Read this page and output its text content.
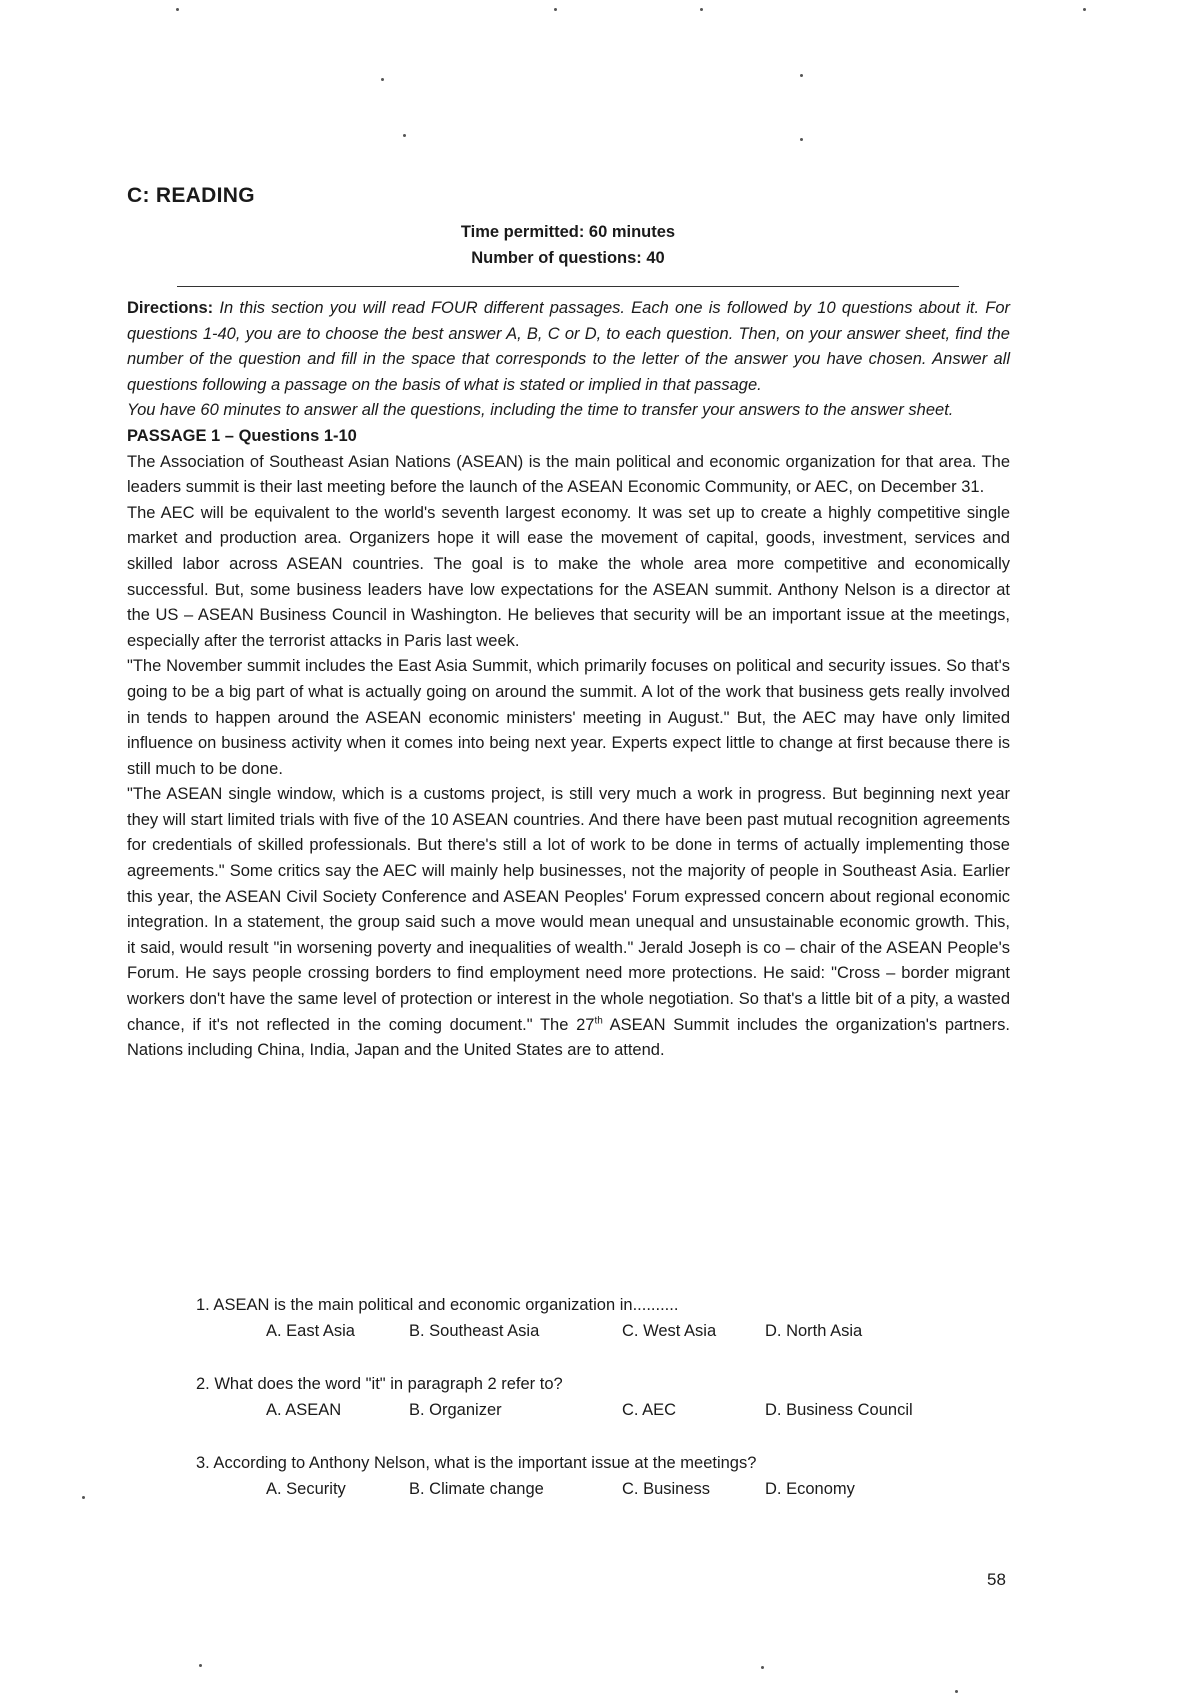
C: READING
Time permitted: 60 minutes
Number of questions: 40

Directions: In this section you will read FOUR different passages. Each one is followed by 10 questions about it. For questions 1-40, you are to choose the best answer A, B, C or D, to each question. Then, on your answer sheet, find the number of the question and fill in the space that corresponds to the letter of the answer you have chosen. Answer all questions following a passage on the basis of what is stated or implied in that passage.

You have 60 minutes to answer all the questions, including the time to transfer your answers to the answer sheet.

PASSAGE 1 – Questions 1-10

The Association of Southeast Asian Nations (ASEAN) is the main political and economic organization for that area. The leaders summit is their last meeting before the launch of the ASEAN Economic Community, or AEC, on December 31.

The AEC will be equivalent to the world's seventh largest economy. It was set up to create a highly competitive single market and production area. Organizers hope it will ease the movement of capital, goods, investment, services and skilled labor across ASEAN countries. The goal is to make the whole area more competitive and economically successful. But, some business leaders have low expectations for the ASEAN summit. Anthony Nelson is a director at the US – ASEAN Business Council in Washington. He believes that security will be an important issue at the meetings, especially after the terrorist attacks in Paris last week.

"The November summit includes the East Asia Summit, which primarily focuses on political and security issues. So that's going to be a big part of what is actually going on around the summit. A lot of the work that business gets really involved in tends to happen around the ASEAN economic ministers' meeting in August." But, the AEC may have only limited influence on business activity when it comes into being next year. Experts expect little to change at first because there is still much to be done.

"The ASEAN single window, which is a customs project, is still very much a work in progress. But beginning next year they will start limited trials with five of the 10 ASEAN countries. And there have been past mutual recognition agreements for credentials of skilled professionals. But there's still a lot of work to be done in terms of actually implementing those agreements." Some critics say the AEC will mainly help businesses, not the majority of people in Southeast Asia. Earlier this year, the ASEAN Civil Society Conference and ASEAN Peoples' Forum expressed concern about regional economic integration. In a statement, the group said such a move would mean unequal and unsustainable economic growth. This, it said, would result "in worsening poverty and inequalities of wealth." Jerald Joseph is co – chair of the ASEAN People's Forum. He says people crossing borders to find employment need more protections. He said: "Cross – border migrant workers don't have the same level of protection or interest in the whole negotiation. So that's a little bit of a pity, a wasted chance, if it's not reflected in the coming document." The 27th ASEAN Summit includes the organization's partners. Nations including China, India, Japan and the United States are to attend.

1. ASEAN is the main political and economic organization in..........
A. East Asia	B. Southeast Asia	C. West Asia	D. North Asia
2. What does the word "it" in paragraph 2 refer to?
A. ASEAN	B. Organizer	C. AEC	D. Business Council
3. According to Anthony Nelson, what is the important issue at the meetings?
A. Security	B. Climate change	C. Business	D. Economy
58
